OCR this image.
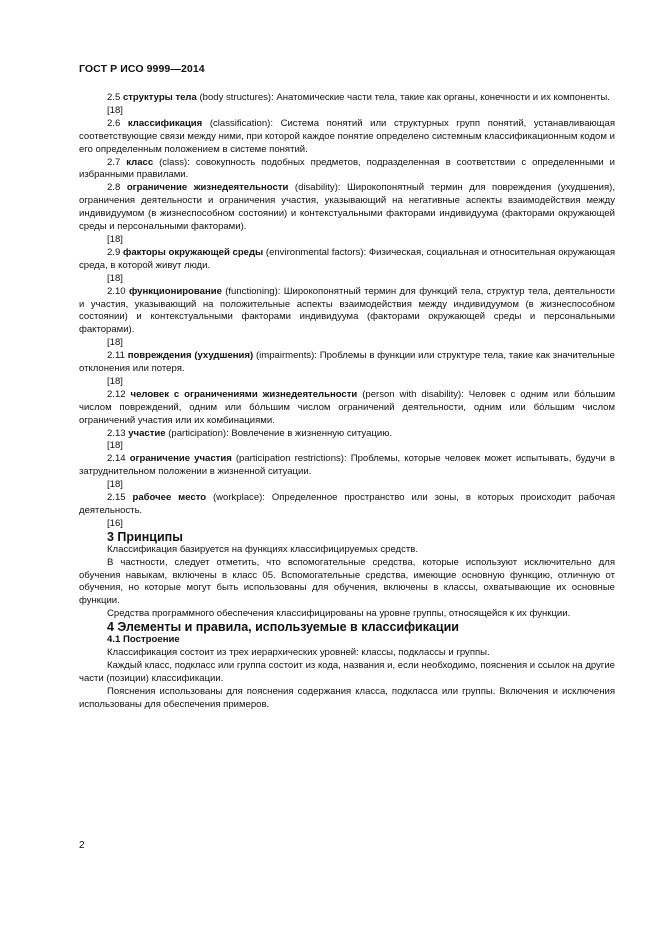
ГОСТ Р ИСО 9999—2014

2.5 структуры тела (body structures): Анатомические части тела, такие как органы, конечности и их компоненты.

[18]

2.6 классификация (classification): Система понятий или структурных групп понятий, устанавливающая соответствующие связи между ними, при которой каждое понятие определено системным классификационным кодом и его определенным положением в системе понятий.

2.7 класс (class): совокупность подобных предметов, подразделенная в соответствии с определенными и избранными правилами.

2.8 ограничение жизнедеятельности (disability): Широкопонятный термин для повреждения (ухудшения), ограничения деятельности и ограничения участия, указывающий на негативные аспекты взаимодействия между индивидуумом (в жизнеспособном состоянии) и контекстуальными факторами индивидуума (факторами окружающей среды и персональными факторами).

[18]

2.9 факторы окружающей среды (environmental factors): Физическая, социальная и относительная окружающая среда, в которой живут люди.

[18]

2.10 функционирование (functioning): Широкопонятный термин для функций тела, структур тела, деятельности и участия, указывающий на положительные аспекты взаимодействия между индивидуумом (в жизнеспособном состоянии) и контекстуальными факторами индивидуума (факторами окружающей среды и персональными факторами).

[18]

2.11 повреждения (ухудшения) (impairments): Проблемы в функции или структуре тела, такие как значительные отклонения или потеря.

[18]

2.12 человек с ограничениями жизнедеятельности (person with disability): Человек с одним или бо́льшим числом повреждений, одним или бо́льшим числом ограничений деятельности, одним или бо́льшим числом ограничений участия или их комбинациями.

2.13 участие (participation): Вовлечение в жизненную ситуацию.

[18]

2.14 ограничение участия (participation restrictions): Проблемы, которые человек может испытывать, будучи в затруднительном положении в жизненной ситуации.

[18]

2.15 рабочее место (workplace): Определенное пространство или зоны, в которых происходит рабочая деятельность.

[16]

3 Принципы

Классификация базируется на функциях классифицируемых средств.

В частности, следует отметить, что вспомогательные средства, которые используют исключительно для обучения навыкам, включены в класс 05. Вспомогательные средства, имеющие основную функцию, отличную от обучения, но которые могут быть использованы для обучения, включены в классы, охватывающие их основные функции.

Средства программного обеспечения классифицированы на уровне группы, относящейся к их функции.

4 Элементы и правила, используемые в классификации

4.1 Построение

Классификация состоит из трех иерархических уровней: классы, подклассы и группы.

Каждый класс, подкласс или группа состоит из кода, названия и, если необходимо, пояснения и ссылок на другие части (позиции) классификации.

Пояснения использованы для пояснения содержания класса, подкласса или группы. Включения и исключения использованы для обеспечения примеров.

2
